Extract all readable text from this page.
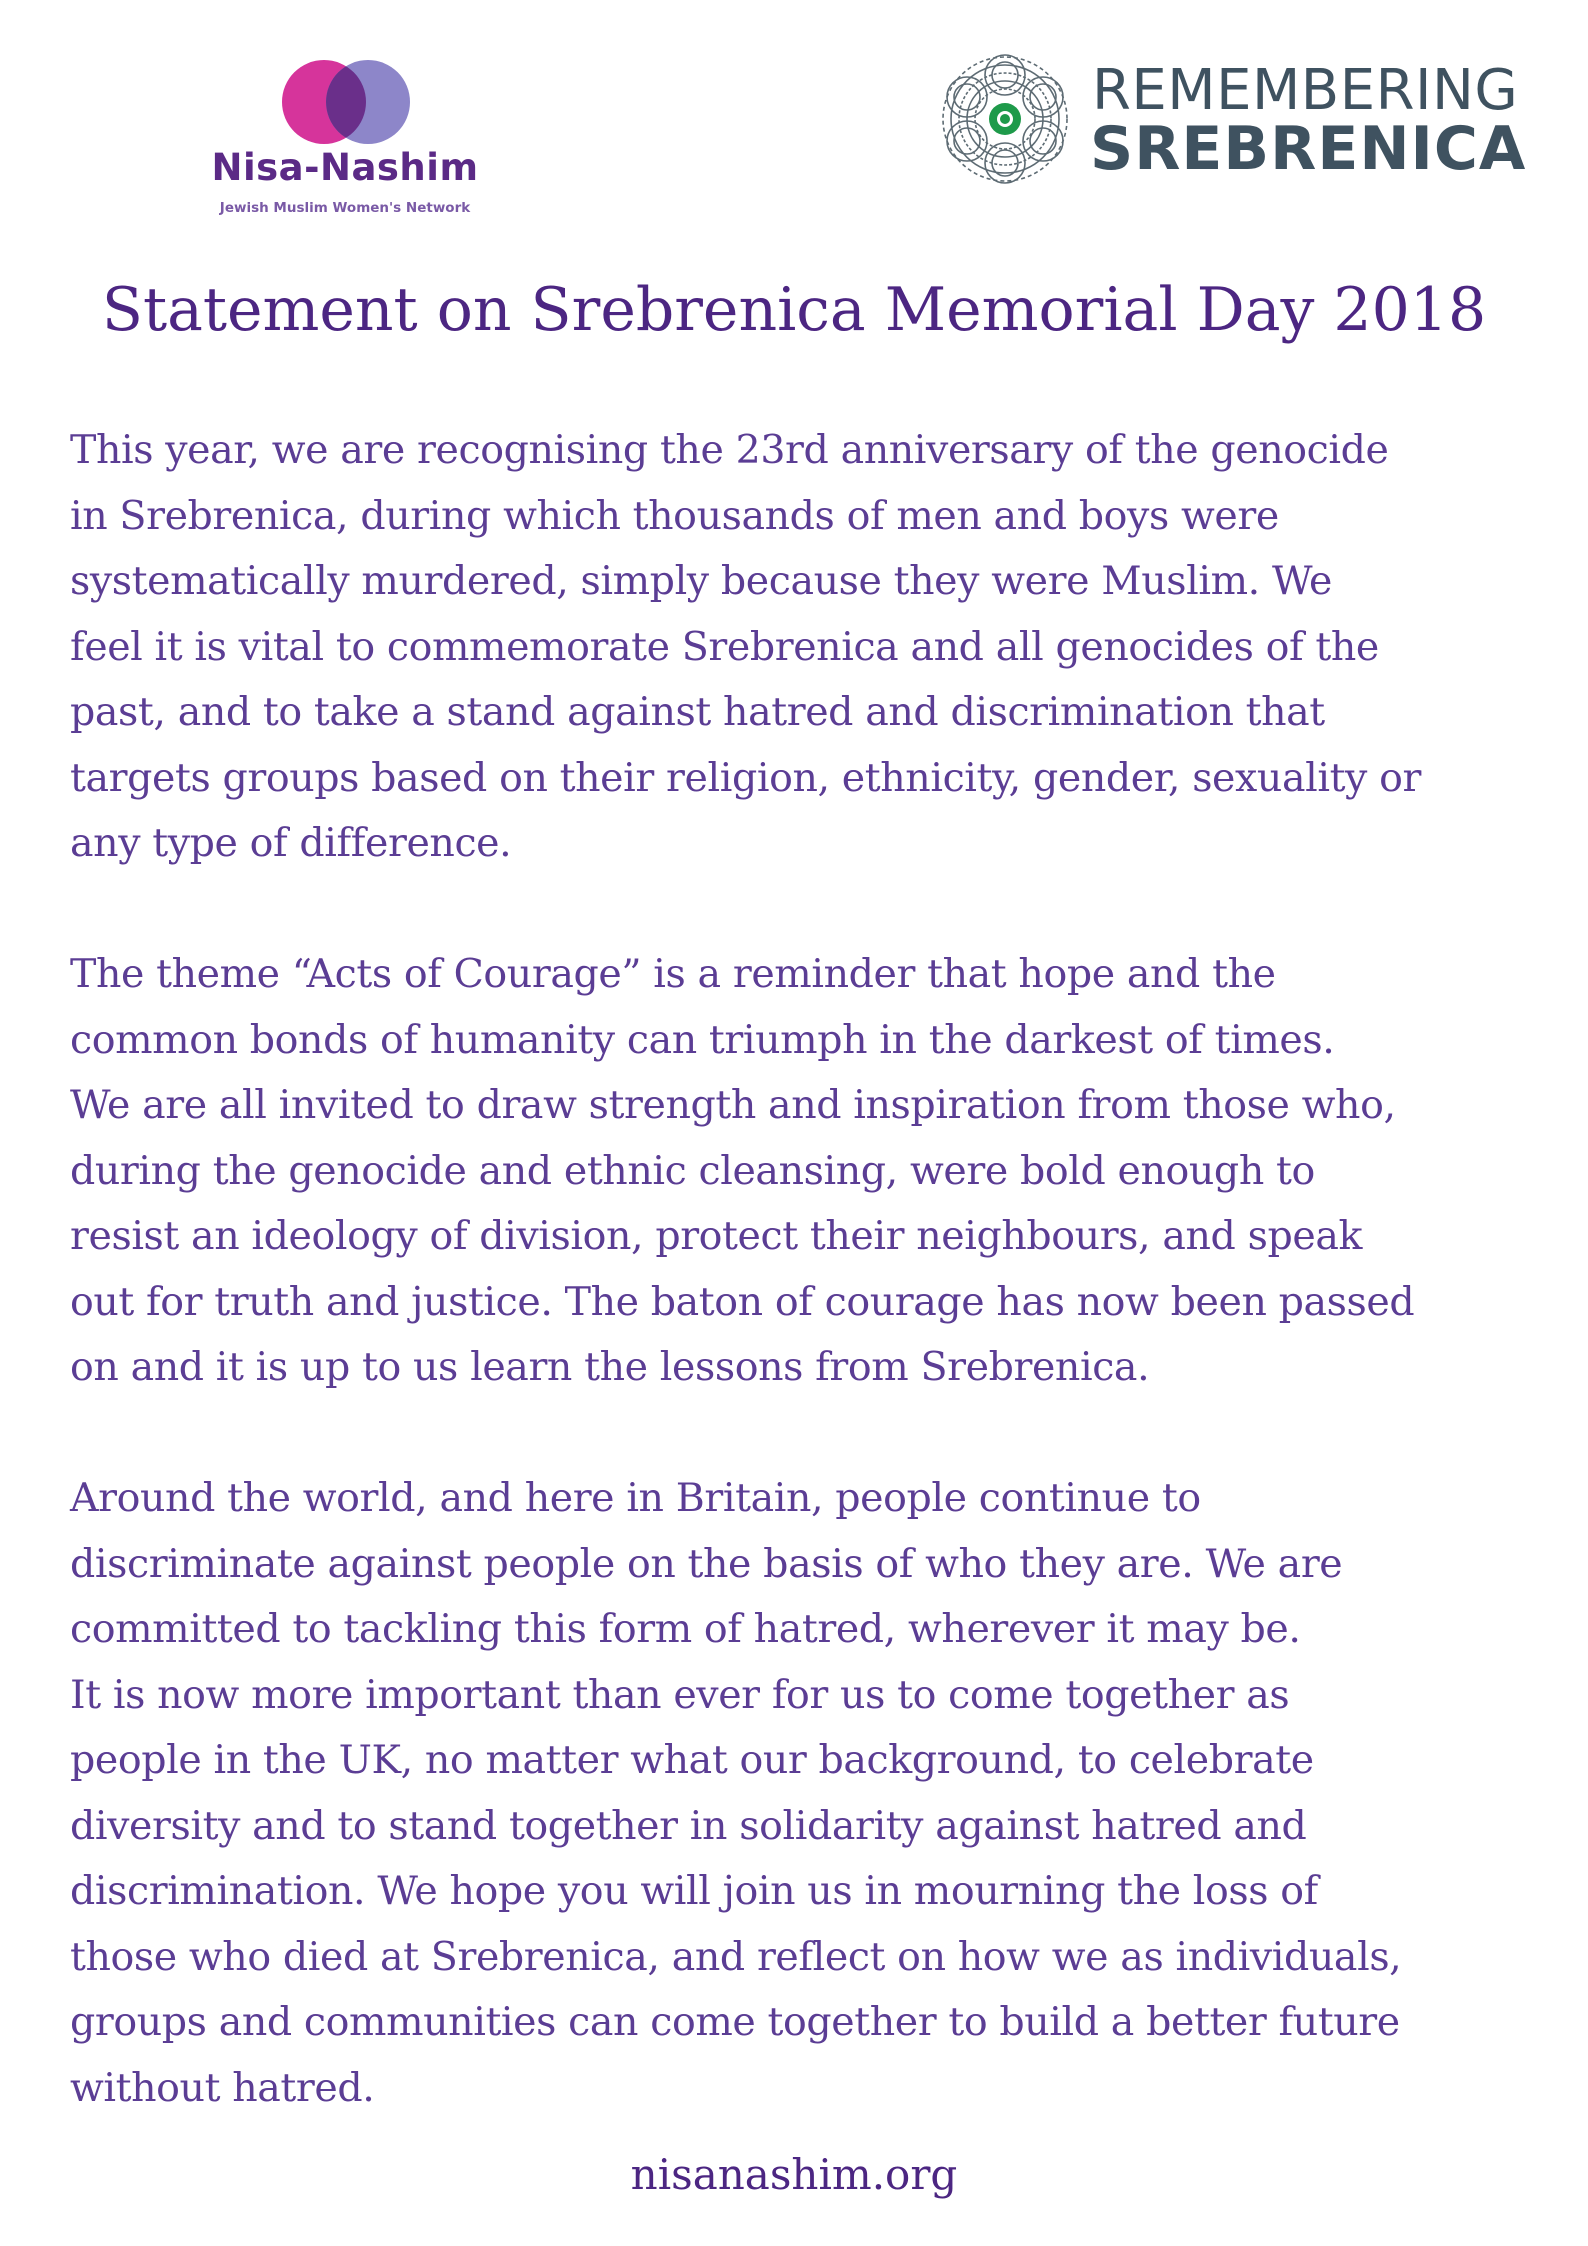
Nisa-Nashim

Jewish Muslim Women's Network

REMEMBERING

SREBRENICA

Statement on Srebrenica Memorial Day 2018

This year, we are recognising the 23rd anniversary of the genocide
in Srebrenica, during which thousands of men and boys were
systematically murdered, simply because they were Muslim. We
feel it is vital to commemorate Srebrenica and all genocides of the
past, and to take a stand against hatred and discrimination that
targets groups based on their religion, ethnicity, gender, sexuality or
any type of difference.

The theme “Acts of Courage” is a reminder that hope and the
common bonds of humanity can triumph in the darkest of times.
We are all invited to draw strength and inspiration from those who,
during the genocide and ethnic cleansing, were bold enough to
resist an ideology of division, protect their neighbours, and speak
out for truth and justice. The baton of courage has now been passed
on and it is up to us learn the lessons from Srebrenica.

Around the world, and here in Britain, people continue to
discriminate against people on the basis of who they are. We are
committed to tackling this form of hatred, wherever it may be.
It is now more important than ever for us to come together as
people in the UK, no matter what our background, to celebrate
diversity and to stand together in solidarity against hatred and
discrimination. We hope you will join us in mourning the loss of
those who died at Srebrenica, and reflect on how we as individuals,
groups and communities can come together to build a better future
without hatred.

nisanashim.org
